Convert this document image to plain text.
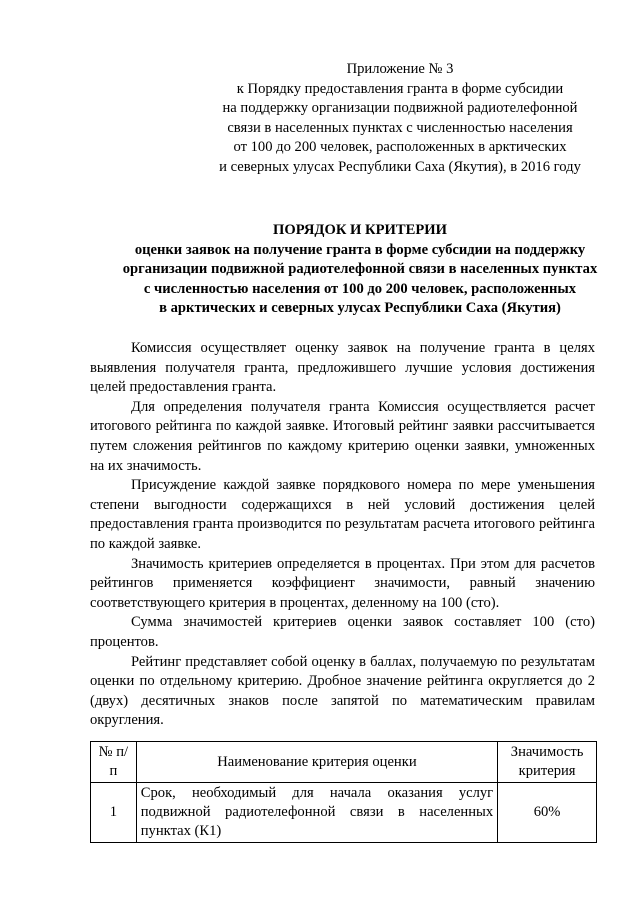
Приложение № 3
к Порядку предоставления гранта в форме субсидии
на поддержку организации подвижной радиотелефонной
связи в населенных пунктах с численностью населения
от 100 до 200 человек, расположенных в арктических
и северных улусах Республики Саха (Якутия), в 2016 году
ПОРЯДОК И КРИТЕРИИ
оценки заявок на получение гранта в форме субсидии на поддержку
организации подвижной радиотелефонной связи в населенных пунктах
с численностью населения от 100 до 200 человек, расположенных
в арктических и северных улусах Республики Саха (Якутия)

Комиссия осуществляет оценку заявок на получение гранта в целях выявления получателя гранта, предложившего лучшие условия достижения целей предоставления гранта.

Для определения получателя гранта Комиссия осуществляется расчет итогового рейтинга по каждой заявке. Итоговый рейтинг заявки рассчитывается путем сложения рейтингов по каждому критерию оценки заявки, умноженных на их значимость.

Присуждение каждой заявке порядкового номера по мере уменьшения степени выгодности содержащихся в ней условий достижения целей предоставления гранта производится по результатам расчета итогового рейтинга по каждой заявке.

Значимость критериев определяется в процентах. При этом для расчетов рейтингов применяется коэффициент значимости, равный значению соответствующего критерия в процентах, деленному на 100 (сто).

Сумма значимостей критериев оценки заявок составляет 100 (сто) процентов.

Рейтинг представляет собой оценку в баллах, получаемую по результатам оценки по отдельному критерию. Дробное значение рейтинга округляется до 2 (двух) десятичных знаков после запятой по математическим правилам округления.

№ п/п	Наименование критерия оценки	Значимость критерия
1	Срок, необходимый для начала оказания услуг подвижной радиотелефонной связи в населенных пунктах (К1)	60%
